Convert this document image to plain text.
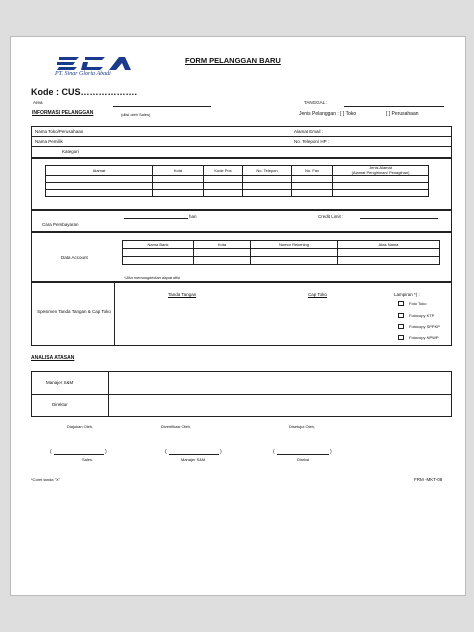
PT. Sinar Gloria Abadi
FORM PELANGGAN BARU
Kode : CUS……………….
Area	TANGGAL :
INFORMASI PELANGGAN	(diisi oleh Sales)	Jenis Pelanggan : [ ] Toko	[ ] Perusahaan
Nama Toko/Perusahaan	Alamat Email :
Nama Pemilik	No. Telepon/ HP :
Kategori
Alamat	Kota	Kode Pos	No. Telepon	No. Fax	Jenis Alamat
(Alamat Pengiriman/ Penagihan)

Cara Pembayaran
hari	Credit Limit :
Data Account
*Jika memungkinkan dapat diisi
Nama Bank	Kota	Nomor Rekening	Atas Nama

Spesimen Tanda Tangan & Cap Toko
Tanda Tangan	Cap Toko	Lampiran *) :
Foto Toko
Fotocopy KTP
Fotocopy SPPKP
Fotocopy NPWP
ANALISA ATASAN
Manajer S&M
Direktur
Diajukan Oleh,	Diverifikasi Oleh,	Disetujui Oleh,
(	)	(	)	(	)
Sales	Manajer S&M	Direksi
*Coret tanda "X"	FRM -MKT-08
